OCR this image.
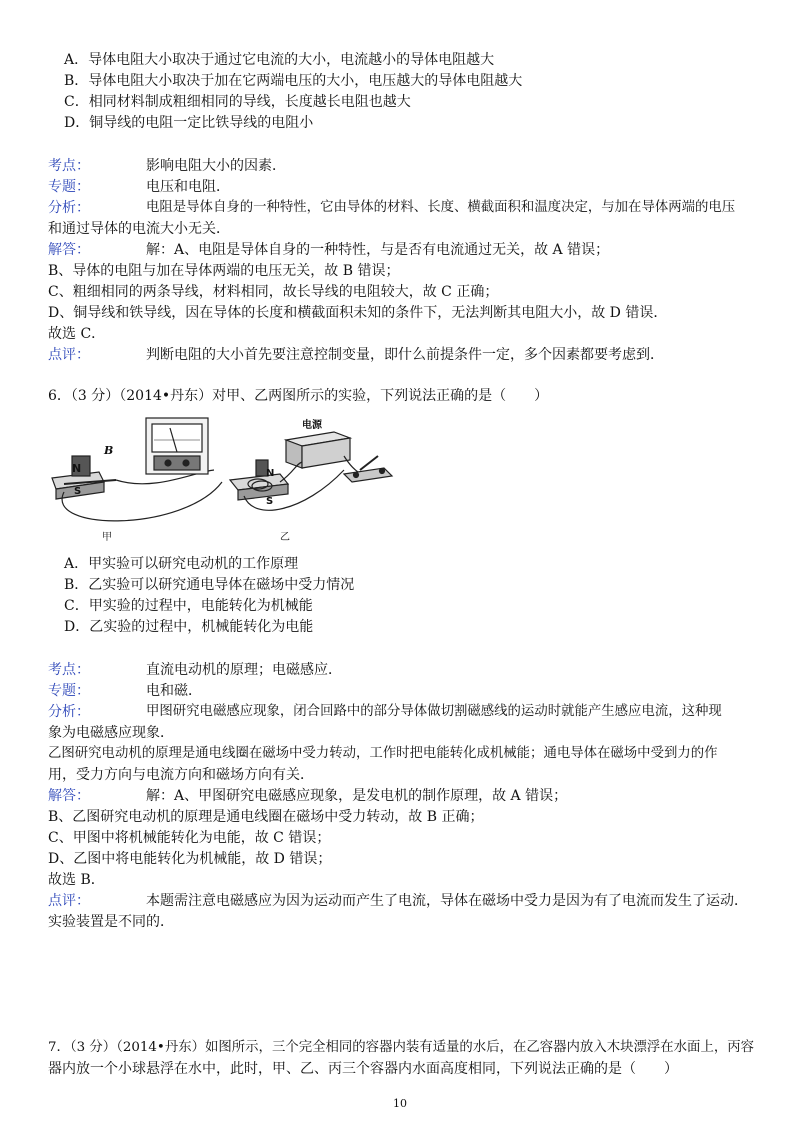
A．导体电阻大小取决于通过它电流的大小，电流越小的导体电阻越大
B．导体电阻大小取决于加在它两端电压的大小，电压越大的导体电阻越大
C．相同材料制成粗细相同的导线，长度越长电阻也越大
D．铜导线的电阻一定比铁导线的电阻小
考点：	影响电阻大小的因素．
专题：	电压和电阻．
分析：	电阻是导体自身的一种特性，它由导体的材料、长度、横截面积和温度决定，与加在导体两端的电压
和通过导体的电流大小无关．
解答：	解：A、电阻是导体自身的一种特性，与是否有电流通过无关，故 A 错误；
B、导体的电阻与加在导体两端的电压无关，故 B 错误；
C、粗细相同的两条导线，材料相同，故长导线的电阻较大，故 C 正确；
D、铜导线和铁导线，因在导体的长度和横截面积未知的条件下，无法判断其电阻大小，故 D 错误．
故选 C．
点评：	判断电阻的大小首先要注意控制变量，即什么前提条件一定，多个因素都要考虑到．
6．（3 分）（2014•丹东）对甲、乙两图所示的实验，下列说法正确的是（　　）
N
S
B
电源
N
S
甲	乙
A．甲实验可以研究电动机的工作原理
B．乙实验可以研究通电导体在磁场中受力情况
C．甲实验的过程中，电能转化为机械能
D．乙实验的过程中，机械能转化为电能
考点：	直流电动机的原理；电磁感应．
专题：	电和磁．
分析：	甲图研究电磁感应现象，闭合回路中的部分导体做切割磁感线的运动时就能产生感应电流，这种现
象为电磁感应现象．
乙图研究电动机的原理是通电线圈在磁场中受力转动，工作时把电能转化成机械能；通电导体在磁场中受到力的作
用，受力方向与电流方向和磁场方向有关．
解答：	解：A、甲图研究电磁感应现象，是发电机的制作原理，故 A 错误；
B、乙图研究电动机的原理是通电线圈在磁场中受力转动，故 B 正确；
C、甲图中将机械能转化为电能，故 C 错误；
D、乙图中将电能转化为机械能，故 D 错误；
故选 B．
点评：	本题需注意电磁感应为因为运动而产生了电流，导体在磁场中受力是因为有了电流而发生了运动．
实验装置是不同的．
7．（3 分）（2014•丹东）如图所示，三个完全相同的容器内装有适量的水后，在乙容器内放入木块漂浮在水面上，丙容
器内放一个小球悬浮在水中，此时，甲、乙、丙三个容器内水面高度相同，下列说法正确的是（　　）
10
